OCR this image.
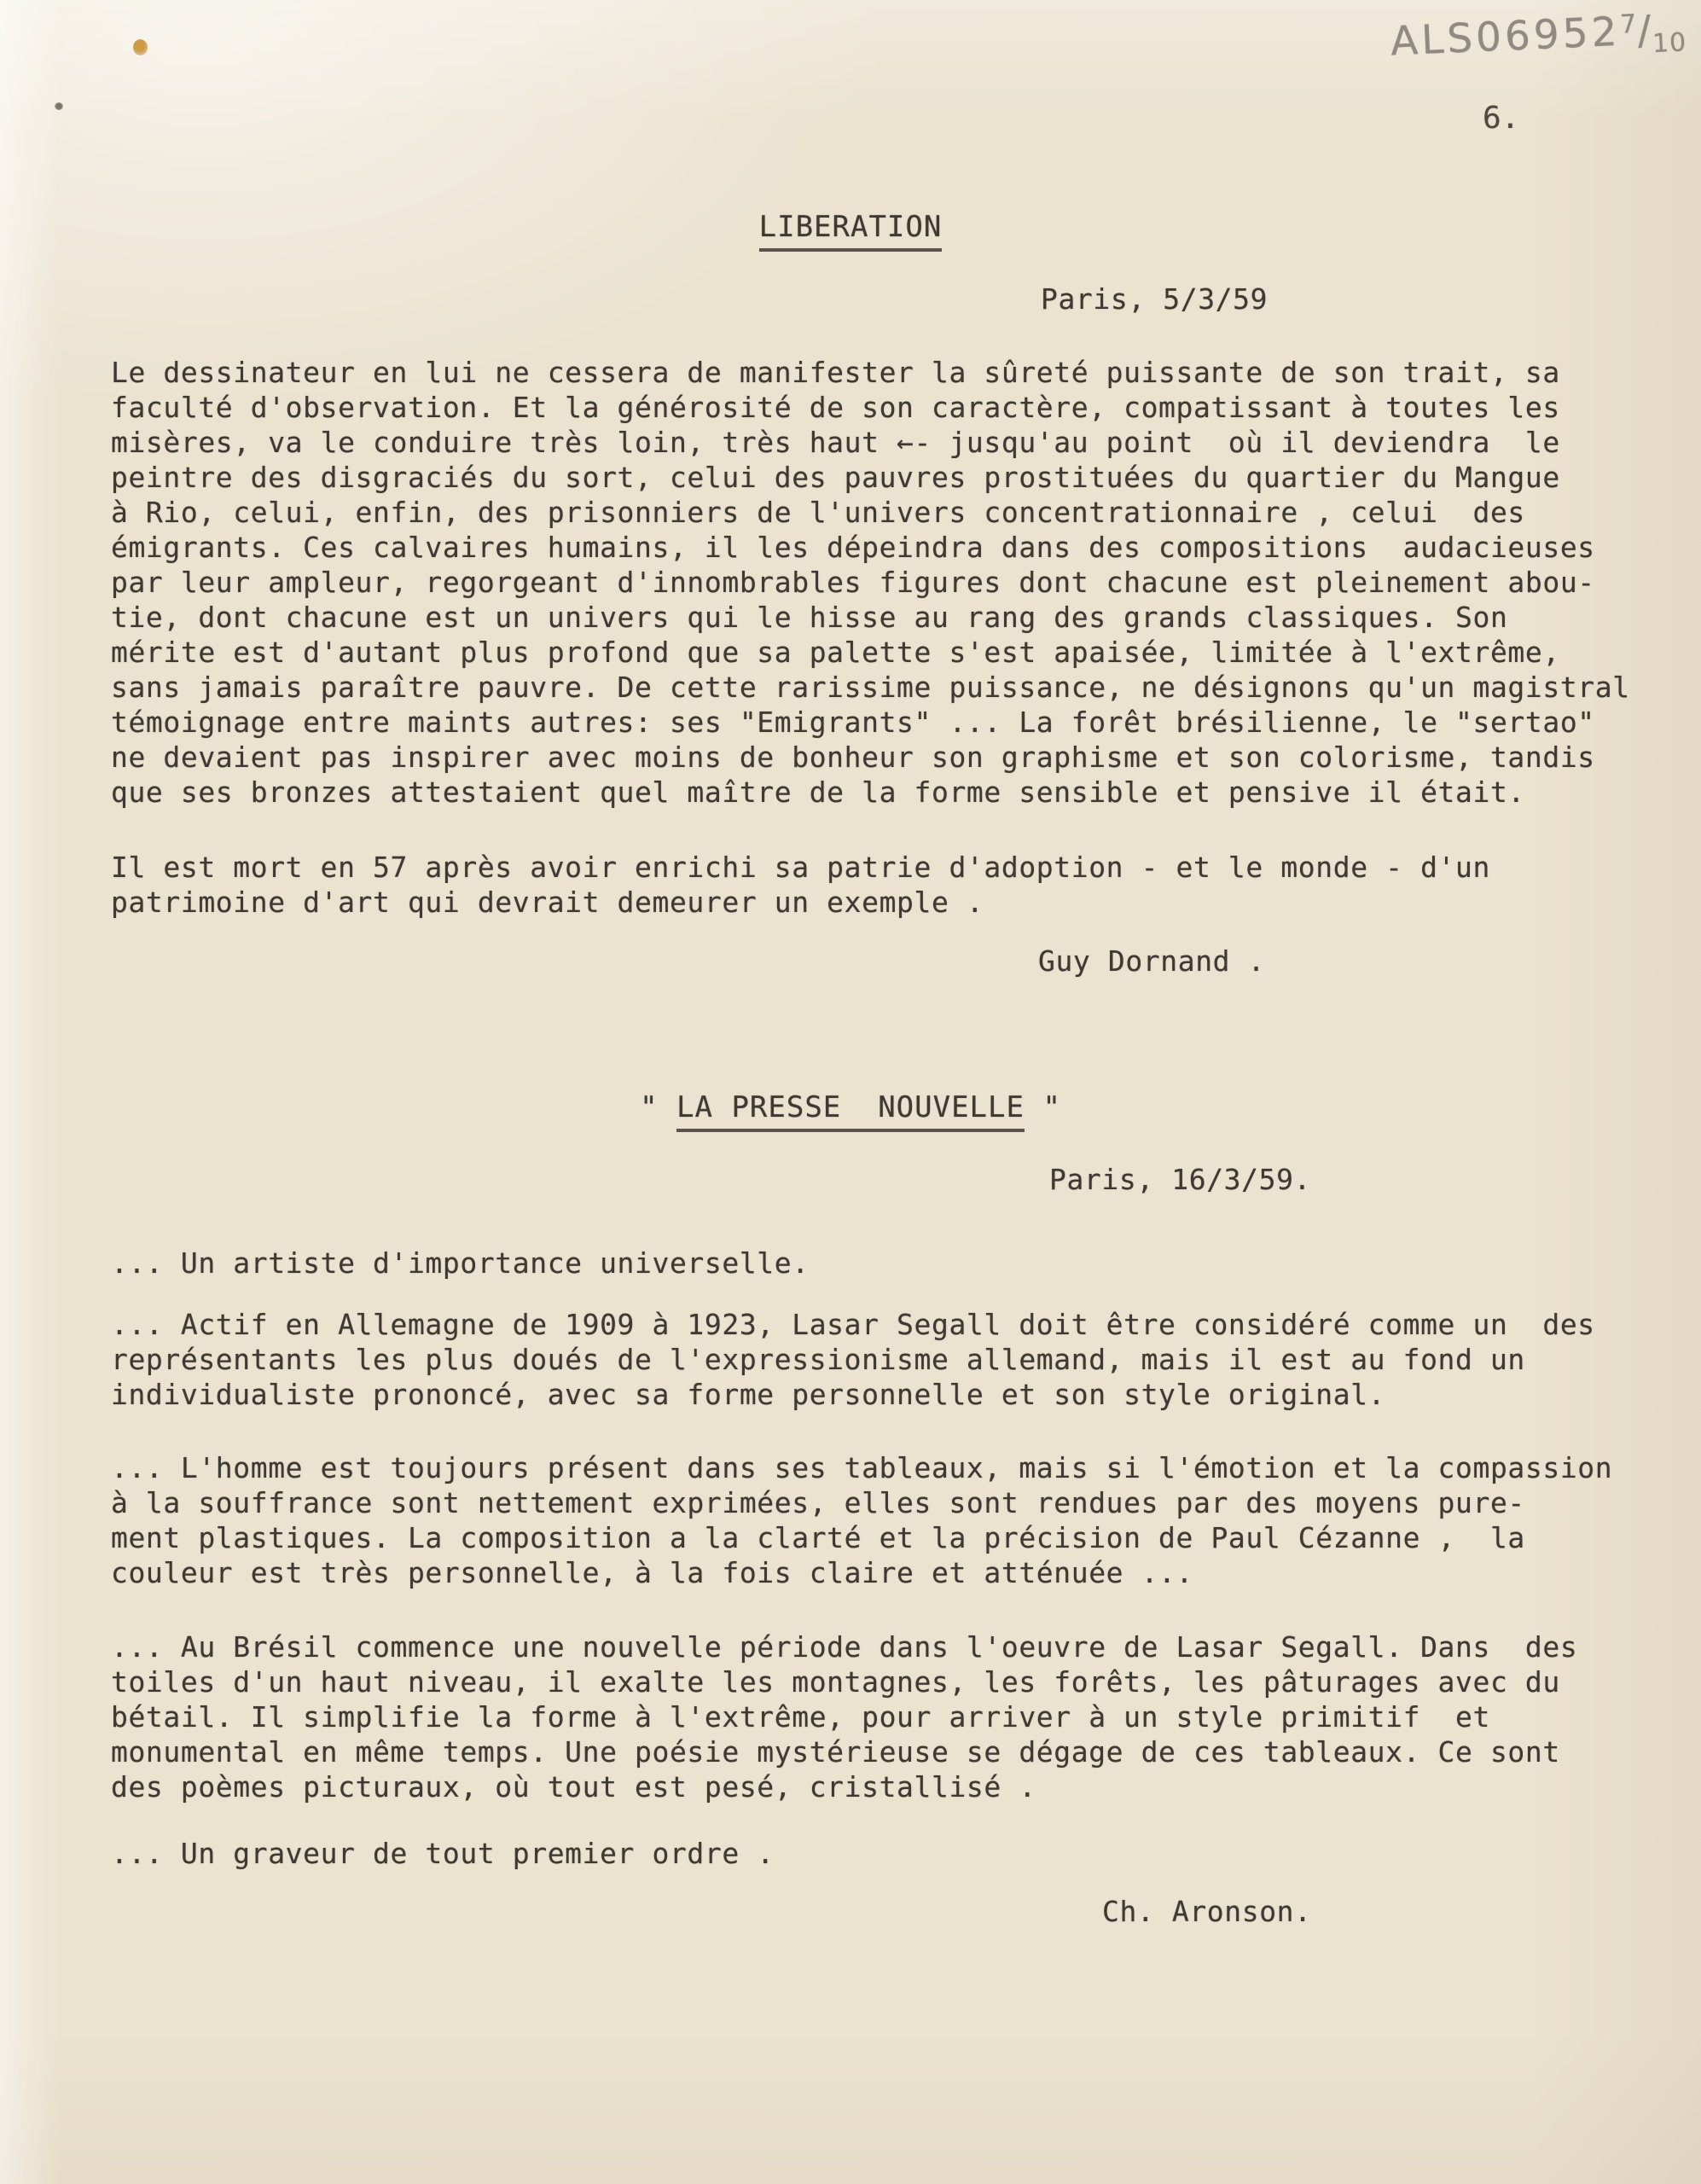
$ALS06952^7/_{10}$
6.
LIBERATION
Paris, 5/3/59
Le dessinateur en lui ne cessera de manifester la sûreté puissante de son trait, sa
faculté d'observation. Et la générosité de son caractère, compatissant à toutes les
misères, va le conduire très loin, très haut ←- jusqu'au point  où il deviendra  le
peintre des disgraciés du sort, celui des pauvres prostituées du quartier du Mangue
à Rio, celui, enfin, des prisonniers de l'univers concentrationnaire , celui  des
émigrants. Ces calvaires humains, il les dépeindra dans des compositions  audacieuses
par leur ampleur, regorgeant d'innombrables figures dont chacune est pleinement abou-
tie, dont chacune est un univers qui le hisse au rang des grands classiques. Son
mérite est d'autant plus profond que sa palette s'est apaisée, limitée à l'extrême,
sans jamais paraître pauvre. De cette rarissime puissance, ne désignons qu'un magistral
témoignage entre maints autres: ses "Emigrants" ... La forêt brésilienne, le "sertao"
ne devaient pas inspirer avec moins de bonheur son graphisme et son colorisme, tandis
que ses bronzes attestaient quel maître de la forme sensible et pensive il était.
Il est mort en 57 après avoir enrichi sa patrie d'adoption - et le monde - d'un
patrimoine d'art qui devrait demeurer un exemple .
Guy Dornand .
" LA PRESSE  NOUVELLE "
Paris, 16/3/59.
... Un artiste d'importance universelle.
... Actif en Allemagne de 1909 à 1923, Lasar Segall doit être considéré comme un  des
représentants les plus doués de l'expressionisme allemand, mais il est au fond un
individualiste prononcé, avec sa forme personnelle et son style original.
... L'homme est toujours présent dans ses tableaux, mais si l'émotion et la compassion
à la souffrance sont nettement exprimées, elles sont rendues par des moyens pure-
ment plastiques. La composition a la clarté et la précision de Paul Cézanne ,  la
couleur est très personnelle, à la fois claire et atténuée ...
... Au Brésil commence une nouvelle période dans l'oeuvre de Lasar Segall. Dans  des
toiles d'un haut niveau, il exalte les montagnes, les forêts, les pâturages avec du
bétail. Il simplifie la forme à l'extrême, pour arriver à un style primitif  et
monumental en même temps. Une poésie mystérieuse se dégage de ces tableaux. Ce sont
des poèmes picturaux, où tout est pesé, cristallisé .
... Un graveur de tout premier ordre .
Ch. Aronson.
